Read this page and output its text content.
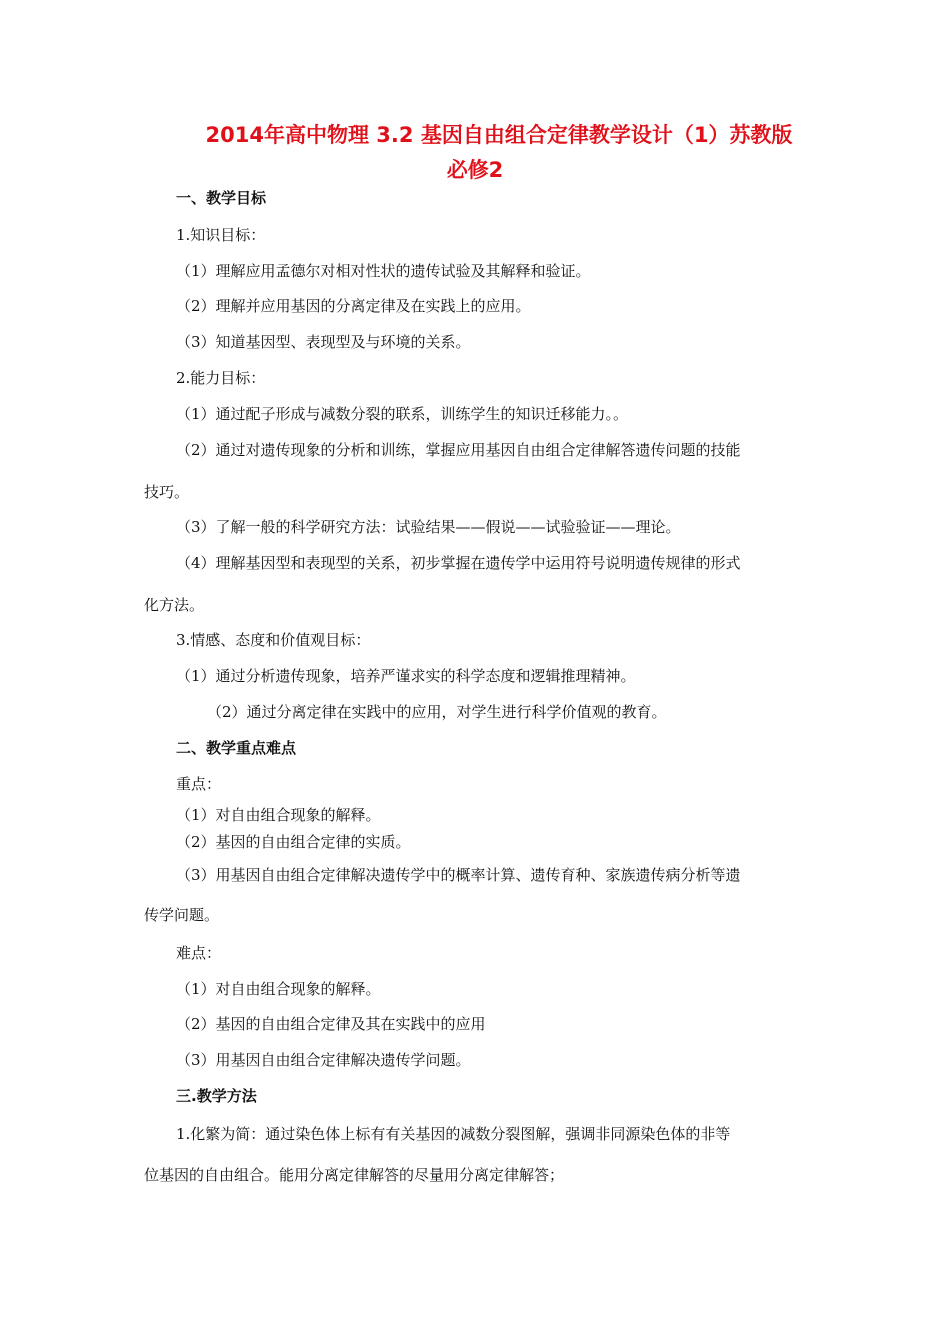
2014年高中物理 3.2 基因自由组合定律教学设计（1）苏教版
必修2
一、教学目标
1.知识目标：
（1）理解应用孟德尔对相对性状的遗传试验及其解释和验证。
（2）理解并应用基因的分离定律及在实践上的应用。
（3）知道基因型、表现型及与环境的关系。
2.能力目标：
（1）通过配子形成与减数分裂的联系，训练学生的知识迁移能力。。
（2）通过对遗传现象的分析和训练，掌握应用基因自由组合定律解答遗传问题的技能
技巧。
（3）了解一般的科学研究方法：试验结果——假说——试验验证——理论。
（4）理解基因型和表现型的关系，初步掌握在遗传学中运用符号说明遗传规律的形式
化方法。
3.情感、态度和价值观目标：
（1）通过分析遗传现象，培养严谨求实的科学态度和逻辑推理精神。
（2）通过分离定律在实践中的应用，对学生进行科学价值观的教育。
二、教学重点难点
重点：
（1）对自由组合现象的解释。
（2）基因的自由组合定律的实质。
（3）用基因自由组合定律解决遗传学中的概率计算、遗传育种、家族遗传病分析等遗
传学问题。
难点：
（1）对自由组合现象的解释。
（2）基因的自由组合定律及其在实践中的应用
（3）用基因自由组合定律解决遗传学问题。
三.教学方法
1.化繁为简：通过染色体上标有有关基因的减数分裂图解，强调非同源染色体的非等
位基因的自由组合。能用分离定律解答的尽量用分离定律解答；
